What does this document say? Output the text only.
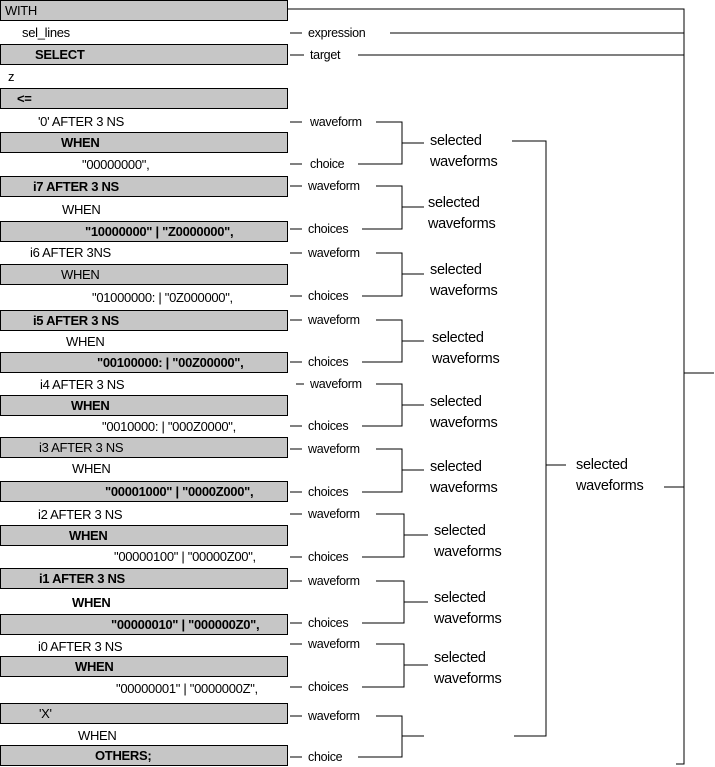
WITH
sel_lines
SELECT
z
<=
'0' AFTER 3 NS
WHEN
"00000000",
i7 AFTER 3 NS
WHEN
"10000000" | "Z0000000",
i6 AFTER 3NS
WHEN
"01000000: | "0Z000000",
i5 AFTER 3 NS
WHEN
"00100000: | "00Z00000",
i4 AFTER 3 NS
WHEN
"0010000: | "000Z0000",
i3 AFTER 3 NS
WHEN
"00001000" | "0000Z000",
i2 AFTER 3 NS
WHEN
"00000100" | "00000Z00",
i1 AFTER 3 NS
WHEN
"00000010" | "000000Z0",
i0 AFTER 3 NS
WHEN
"00000001" | "0000000Z",
'X'
WHEN
OTHERS;
expression
target
waveform
choice
waveform
choices
waveform
choices
waveform
choices
waveform
choices
waveform
choices
waveform
choices
waveform
choices
waveform
choices
waveform
choice
selected
waveforms
selected
waveforms
selected
waveforms
selected
waveforms
selected
waveforms
selected
waveforms
selected
waveforms
selected
waveforms
selected
waveforms
selected
waveforms
